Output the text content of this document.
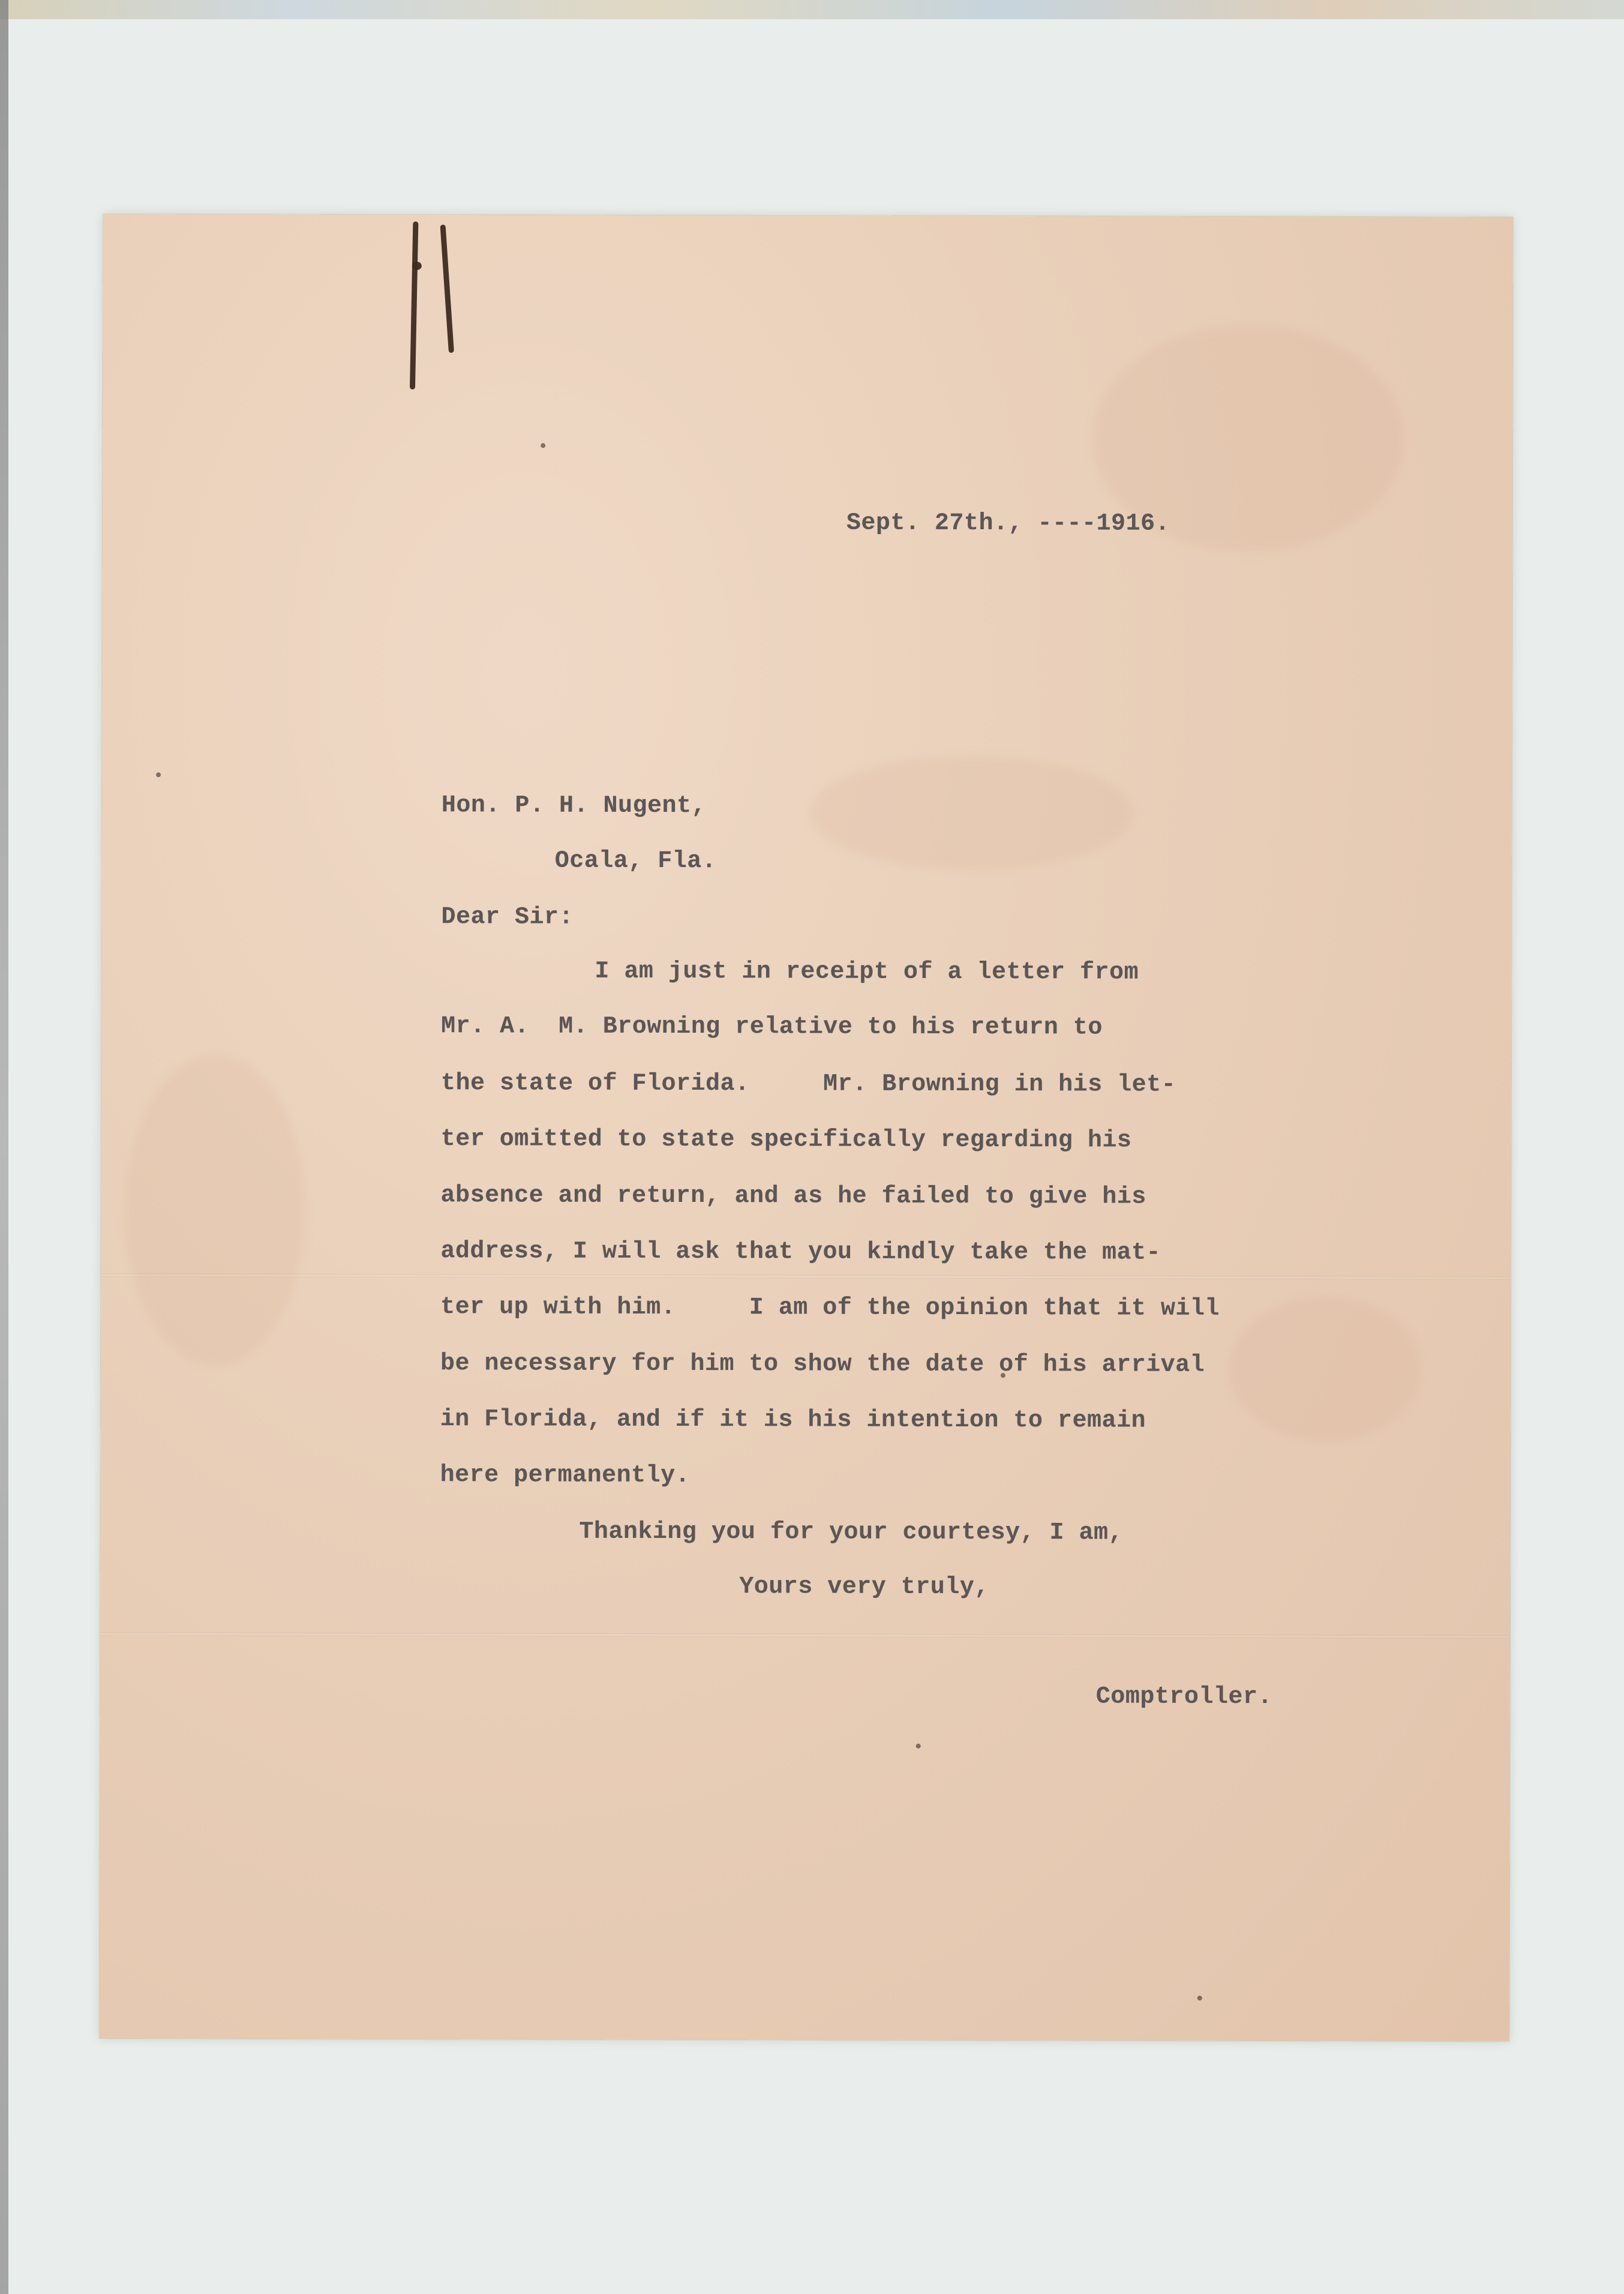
Sept. 27th., ----1916.
Hon. P. H. Nugent,
Ocala, Fla.
Dear Sir:
I am just in receipt of a letter from
Mr. A.  M. Browning relative to his return to
the state of Florida.     Mr. Browning in his let-
ter omitted to state specifically regarding his
absence and return, and as he failed to give his
address, I will ask that you kindly take the mat-
ter up with him.     I am of the opinion that it will
be necessary for him to show the date of his arrival
in Florida, and if it is his intention to remain
here permanently.
Thanking you for your courtesy, I am,
Yours very truly,
Comptroller.
